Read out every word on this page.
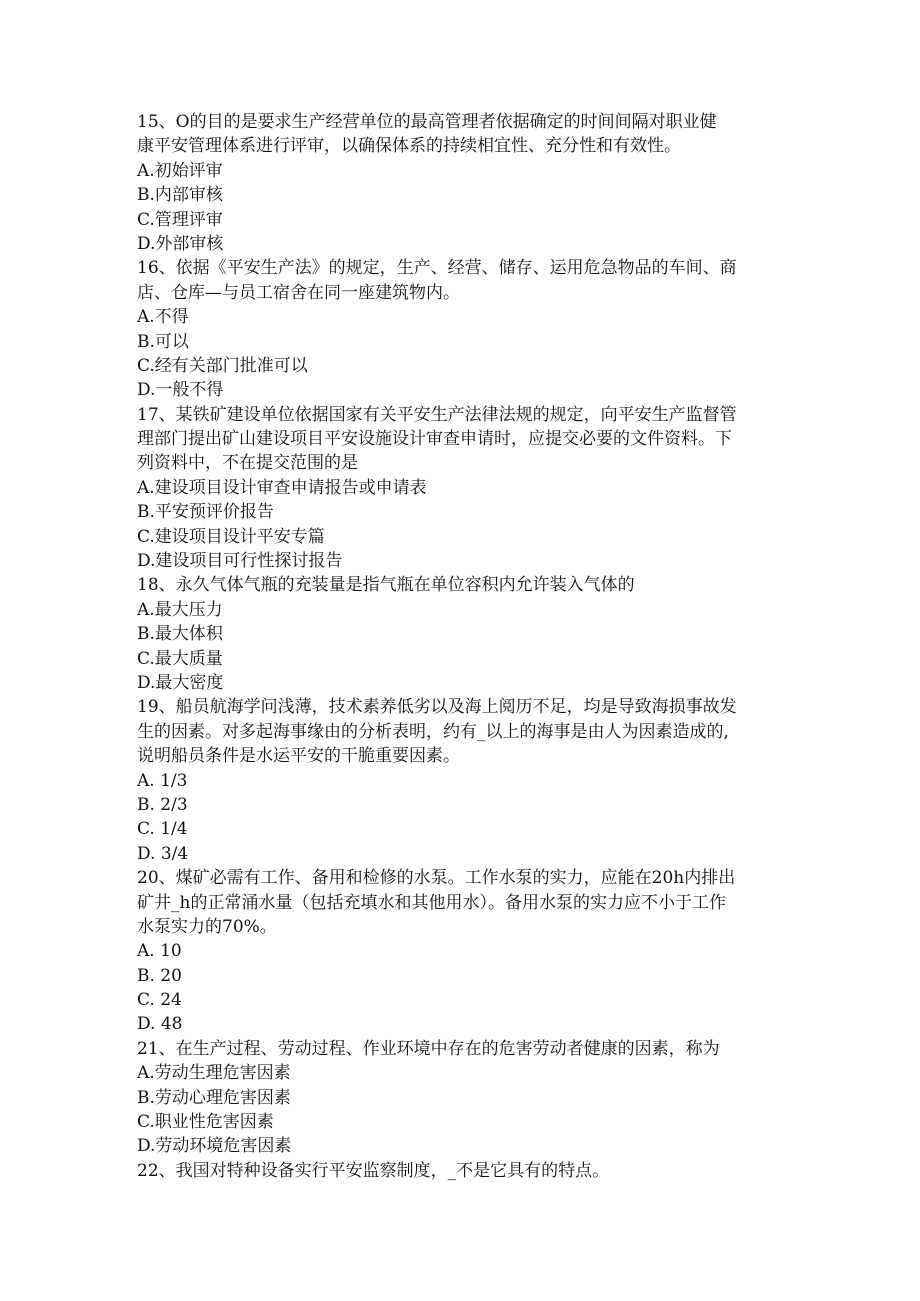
15、O的目的是要求生产经营单位的最高管理者依据确定的时间间隔对职业健
康平安管理体系进行评审，以确保体系的持续相宜性、充分性和有效性。
A.初始评审
B.内部审核
C.管理评审
D.外部审核
16、依据《平安生产法》的规定，生产、经营、储存、运用危急物品的车间、商
店、仓库—与员工宿舍在同一座建筑物内。
A.不得
B.可以
C.经有关部门批准可以
D.一般不得
17、某铁矿建设单位依据国家有关平安生产法律法规的规定，向平安生产监督管
理部门提出矿山建设项目平安设施设计审查申请时，应提交必要的文件资料。下
列资料中，不在提交范围的是
A.建设项目设计审查申请报告或申请表
B.平安预评价报告
C.建设项目设计平安专篇
D.建设项目可行性探讨报告
18、永久气体气瓶的充装量是指气瓶在单位容积内允许装入气体的
A.最大压力
B.最大体积
C.最大质量
D.最大密度
19、船员航海学问浅薄，技术素养低劣以及海上阅历不足，均是导致海损事故发
生的因素。对多起海事缘由的分析表明，约有_以上的海事是由人为因素造成的,
说明船员条件是水运平安的干脆重要因素。
A. 1/3
B. 2/3
C. 1/4
D. 3/4
20、煤矿必需有工作、备用和检修的水泵。工作水泵的实力，应能在20h内排出
矿井_h的正常涌水量（包括充填水和其他用水）。备用水泵的实力应不小于工作
水泵实力的70%。
A. 10
B. 20
C. 24
D. 48
21、在生产过程、劳动过程、作业环境中存在的危害劳动者健康的因素，称为
A.劳动生理危害因素
B.劳动心理危害因素
C.职业性危害因素
D.劳动环境危害因素
22、我国对特种设备实行平安监察制度，_不是它具有的特点。
